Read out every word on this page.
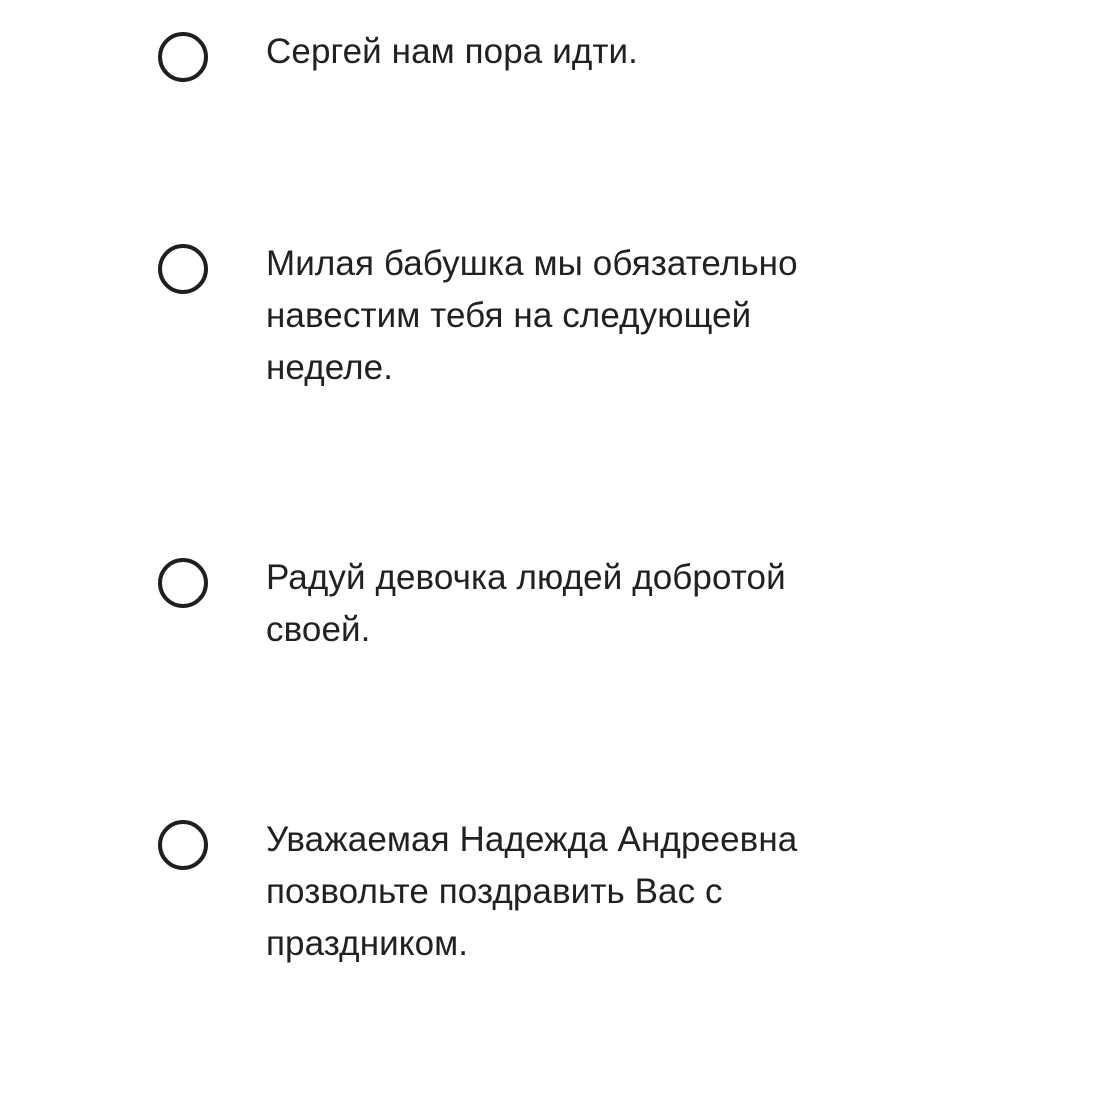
Сергей нам пора идти.
Милая бабушка мы обязательно навестим тебя на следующей неделе.
Радуй девочка людей добротой своей.
Уважаемая Надежда Андреевна позвольте поздравить Вас с праздником.
